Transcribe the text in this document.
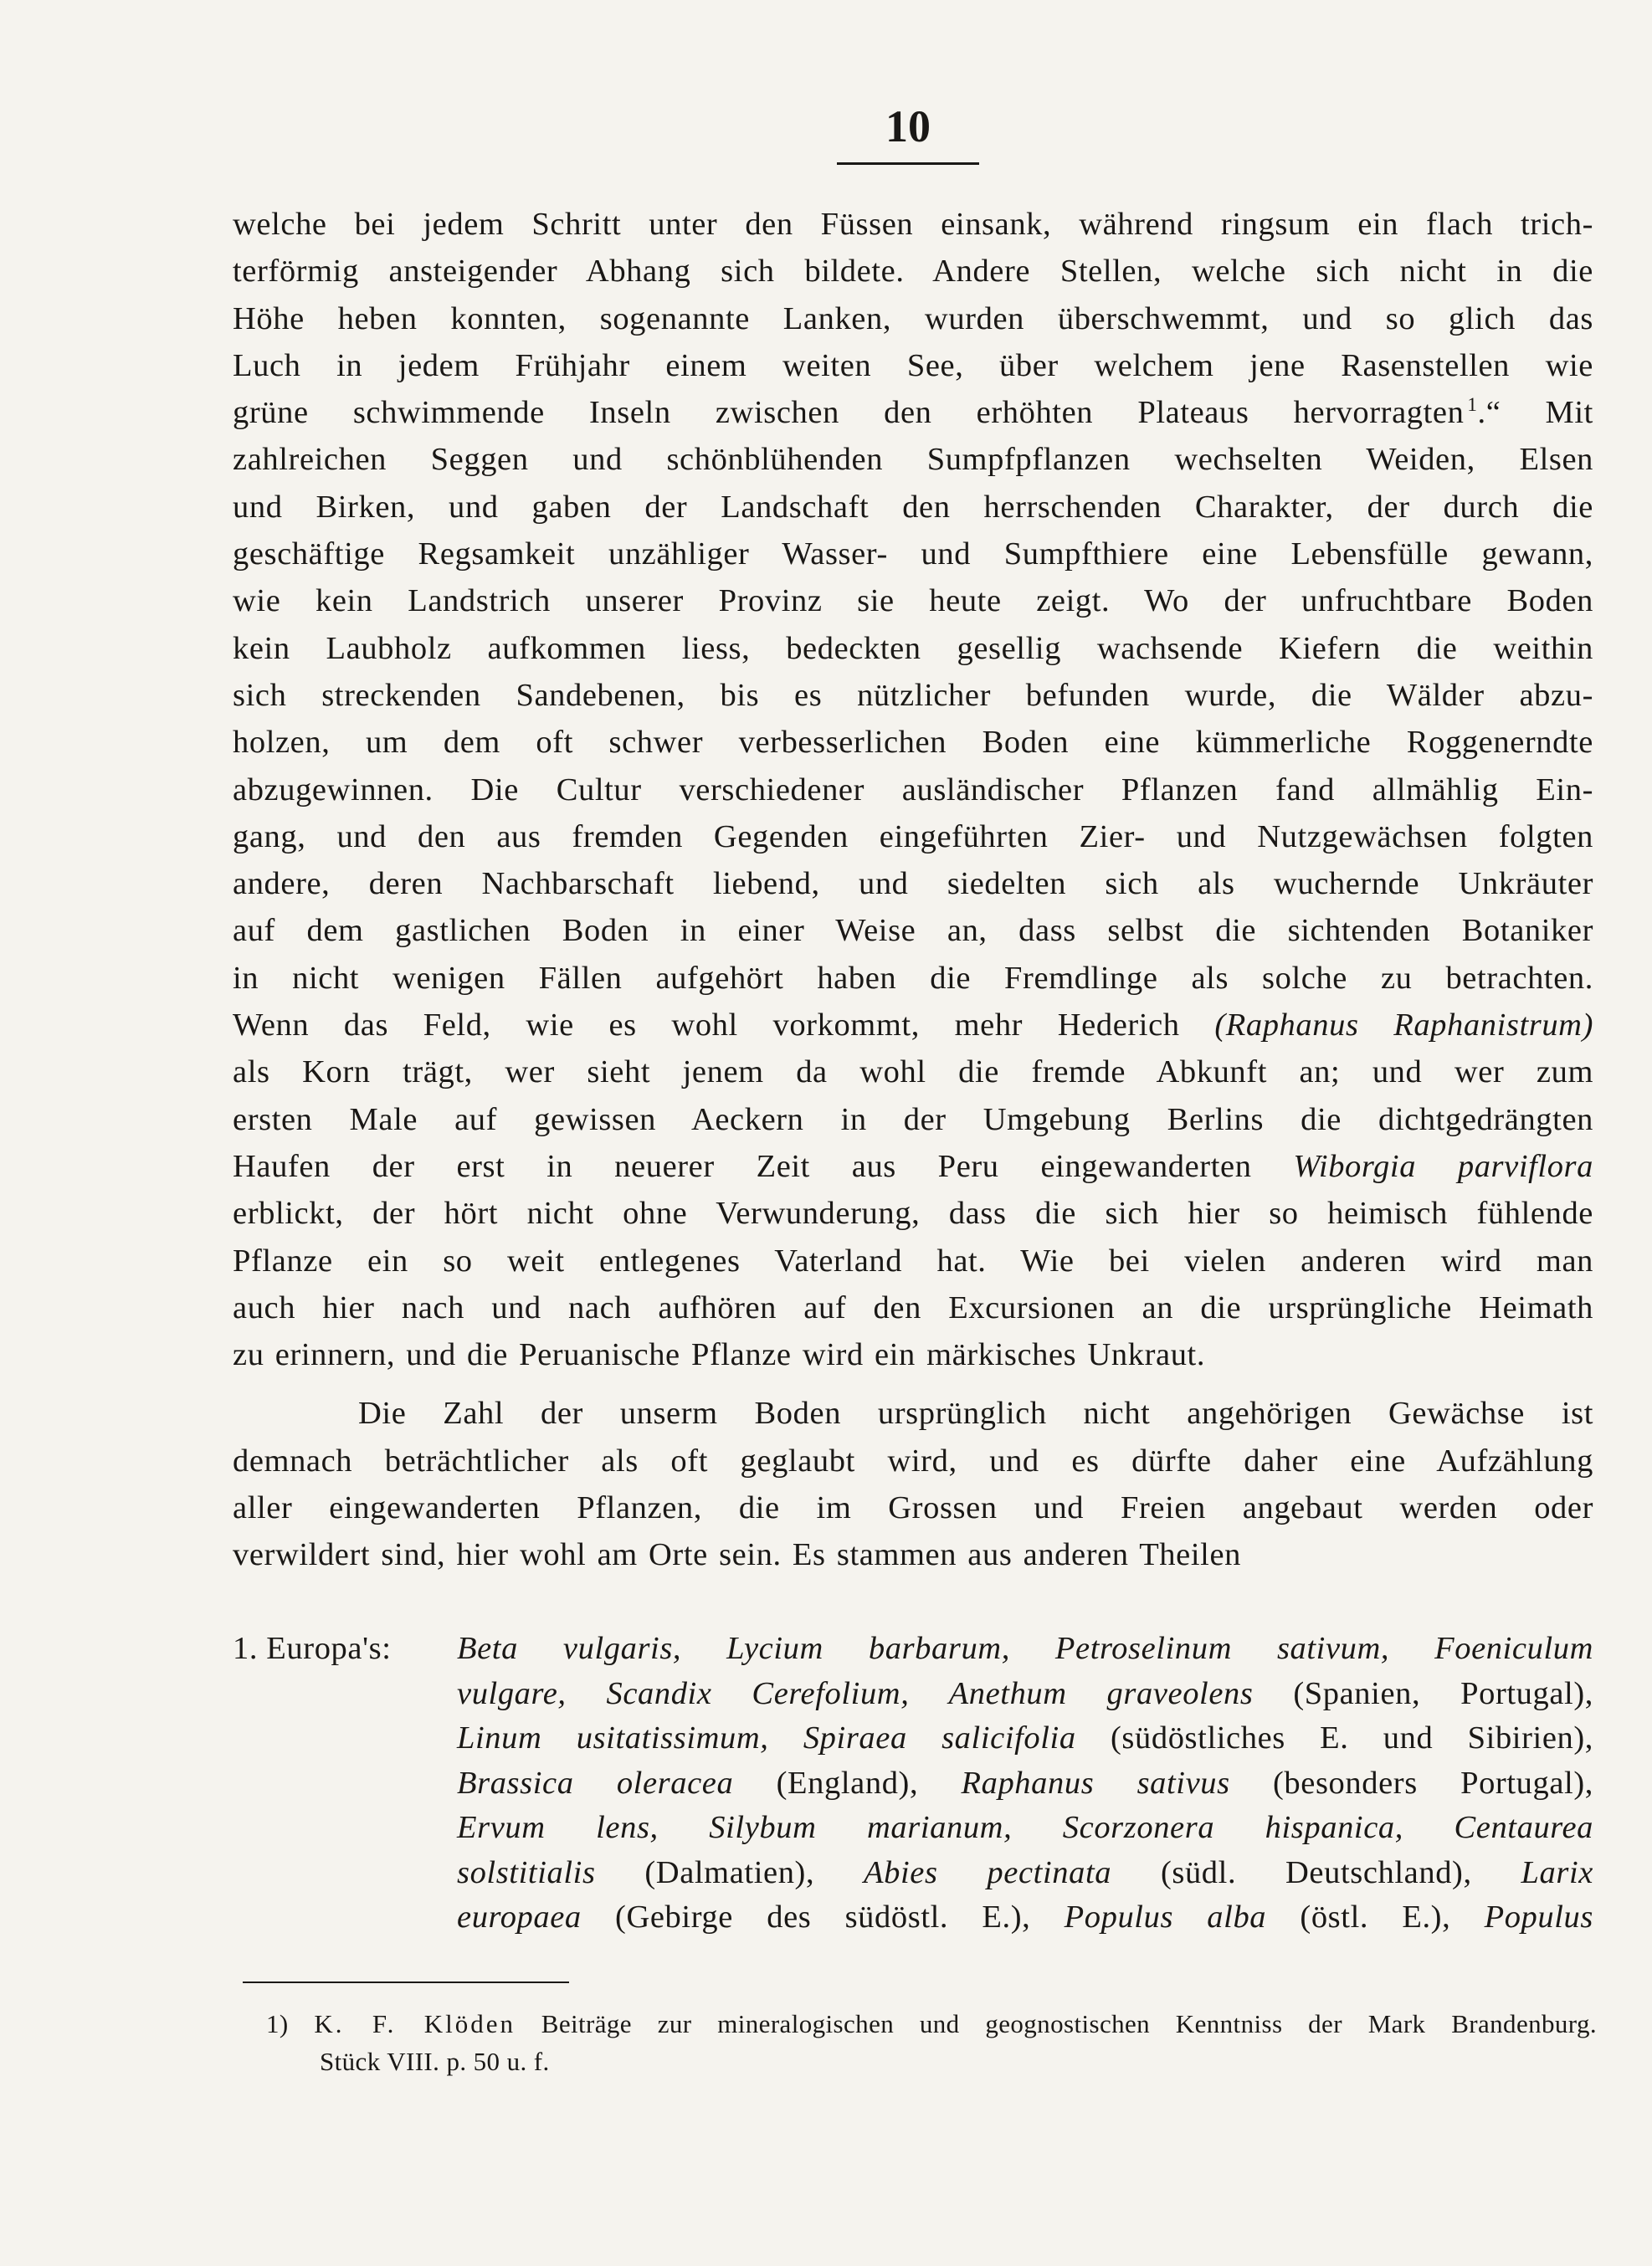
10
welche bei jedem Schritt unter den Füssen einsank, während ringsum ein flach trich-
terförmig ansteigender Abhang sich bildete. Andere Stellen, welche sich nicht in die
Höhe heben konnten, sogenannte Lanken, wurden überschwemmt, und so glich das
Luch in jedem Frühjahr einem weiten See, über welchem jene Rasenstellen wie
grüne schwimmende Inseln zwischen den erhöhten Plateaus hervorragten  $^1$.“ Mit
zahlreichen Seggen und schönblühenden Sumpfpflanzen wechselten Weiden, Elsen
und Birken, und gaben der Landschaft den herrschenden Charakter, der durch die
geschäftige Regsamkeit unzähliger Wasser- und Sumpfthiere eine Lebensfülle gewann,
wie kein Landstrich unserer Provinz sie heute zeigt. Wo der unfruchtbare Boden
kein Laubholz aufkommen liess, bedeckten gesellig wachsende Kiefern die weithin
sich streckenden Sandebenen, bis es nützlicher befunden wurde, die Wälder abzu-
holzen, um dem oft schwer verbesserlichen Boden eine kümmerliche Roggenerndte
abzugewinnen. Die Cultur verschiedener ausländischer Pflanzen fand allmählig Ein-
gang, und den aus fremden Gegenden eingeführten Zier- und Nutzgewächsen folgten
andere, deren Nachbarschaft liebend, und siedelten sich als wuchernde Unkräuter
auf dem gastlichen Boden in einer Weise an, dass selbst die sichtenden Botaniker
in nicht wenigen Fällen aufgehört haben die Fremdlinge als solche zu betrachten.
Wenn das Feld, wie es wohl vorkommt, mehr Hederich (Raphanus Raphanistrum)
als Korn trägt, wer sieht jenem da wohl die fremde Abkunft an; und wer zum
ersten Male auf gewissen Aeckern in der Umgebung Berlins die dichtgedrängten
Haufen der erst in neuerer Zeit aus Peru eingewanderten Wiborgia parviflora
erblickt, der hört nicht ohne Verwunderung, dass die sich hier so heimisch fühlende
Pflanze ein so weit entlegenes Vaterland hat. Wie bei vielen anderen wird man
auch hier nach und nach aufhören auf den Excursionen an die ursprüngliche Heimath
zu erinnern, und die Peruanische Pflanze wird ein märkisches Unkraut.
Die Zahl der unserm Boden ursprünglich nicht angehörigen Gewächse ist
demnach beträchtlicher als oft geglaubt wird, und es dürfte daher eine Aufzählung
aller eingewanderten Pflanzen, die im Grossen und Freien angebaut werden oder
verwildert sind, hier wohl am Orte sein. Es stammen aus anderen Theilen
1. Europa's: Beta vulgaris, Lycium barbarum, Petroselinum sativum, Foeniculum
vulgare, Scandix Cerefolium, Anethum graveolens (Spanien, Portugal),
Linum usitatissimum, Spiraea salicifolia (südöstliches E. und Sibirien),
Brassica oleracea (England), Raphanus sativus (besonders Portugal),
Ervum lens, Silybum marianum, Scorzonera hispanica, Centaurea
solstitialis (Dalmatien), Abies pectinata (südl. Deutschland), Larix
europaea (Gebirge des südöstl. E.), Populus alba (östl. E.), Populus
1) K. F. Klöden Beiträge zur mineralogischen und geognostischen Kenntniss der Mark Brandenburg.
Stück VIII. p. 50 u. f.
